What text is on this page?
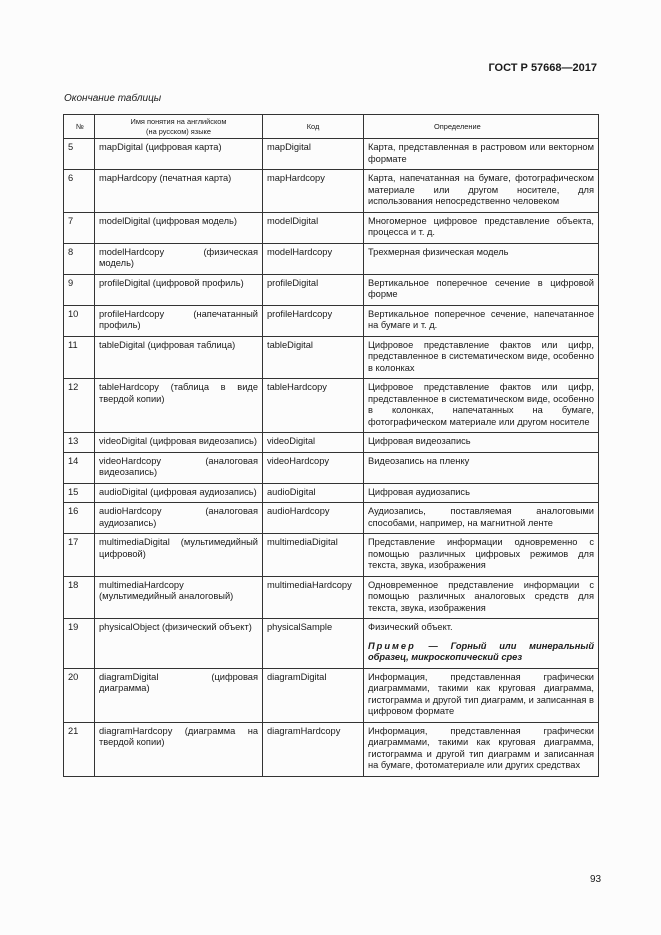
ГОСТ Р 57668—2017
Окончание таблицы
№	Имя понятия на английском
(на русском) языке	Код	Определение
5	mapDigital (цифровая карта)	mapDigital	Карта, представленная в растровом или векторном формате

6	mapHardcopy (печатная карта)	mapHardcopy	Карта, напечатанная на бумаге, фотографическом материале или другом носителе, для использования непосредственно человеком

7	modelDigital (цифровая модель)	modelDigital	Многомерное цифровое представление объекта, процесса и т. д.

8	modelHardcopy (физическая модель)	modelHardcopy	Трехмерная физическая модель

9	profileDigital (цифровой профиль)	profileDigital	Вертикальное поперечное сечение в цифровой форме

10	profileHardcopy (напечатанный профиль)	profileHardcopy	Вертикальное поперечное сечение, напечатанное на бумаге и т. д.

11	tableDigital (цифровая таблица)	tableDigital	Цифровое представление фактов или цифр, представленное в систематическом виде, особенно в колонках

12	tableHardcopy (таблица в виде твердой копии)	tableHardcopy	Цифровое представление фактов или цифр, представленное в систематическом виде, особенно в колонках, напечатанных на бумаге, фотографическом материале или другом носителе

13	videoDigital (цифровая видеозапись)	videoDigital	Цифровая видеозапись

14	videoHardcopy (аналоговая видеозапись)	videoHardcopy	Видеозапись на пленку

15	audioDigital (цифровая аудиозапись)	audioDigital	Цифровая аудиозапись

16	audioHardcopy (аналоговая аудиозапись)	audioHardcopy	Аудиозапись, поставляемая аналоговыми способами, например, на магнитной ленте

17	multimediaDigital (мультимедийный цифровой)	multimediaDigital	Представление информации одновременно с помощью различных цифровых режимов для текста, звука, изображения

18	multimediaHardcopy (мультимедийный аналоговый)	multimediaHardcopy	Одновременное представление информации с помощью различных аналоговых средств для текста, звука, изображения

19	physicalObject (физический объект)	physicalSample	Физический объект.
Пример — Горный или минеральный образец, микроскопический срез

20	diagramDigital (цифровая диаграмма)	diagramDigital	Информация, представленная графически диаграммами, такими как круговая диаграмма, гистограмма и другой тип диаграмм, и записанная в цифровом формате

21	diagramHardcopy (диаграмма на твердой копии)	diagramHardcopy	Информация, представленная графически диаграммами, такими как круговая диаграмма, гистограмма и другой тип диаграмм и записанная на бумаге, фотоматериале или других средствах
93
